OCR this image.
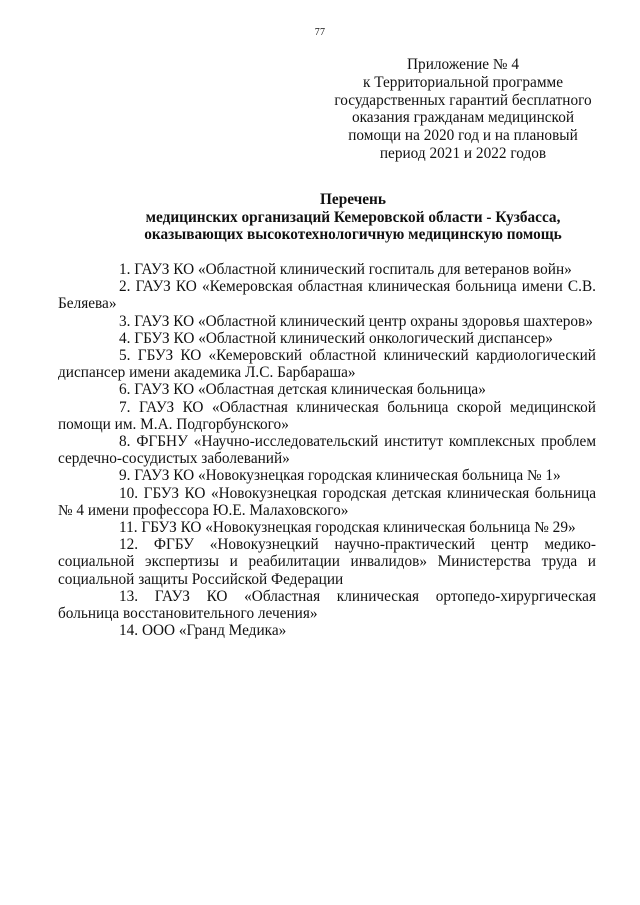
77
Приложение № 4
к Территориальной программе
государственных гарантий бесплатного
оказания гражданам медицинской
помощи на 2020 год и на плановый
период 2021 и 2022 годов
Перечень
медицинских организаций Кемеровской области - Кузбасса,
оказывающих высокотехнологичную медицинскую помощь
1. ГАУЗ КО «Областной клинический госпиталь для ветеранов войн»
2. ГАУЗ КО «Кемеровская областная клиническая больница имени С.В. Беляева»
3. ГАУЗ КО «Областной клинический центр охраны здоровья шахтеров»
4. ГБУЗ КО «Областной клинический онкологический диспансер»
5. ГБУЗ КО «Кемеровский областной клинический кардиологический диспансер имени академика Л.С. Барбараша»
6. ГАУЗ КО «Областная детская клиническая больница»
7. ГАУЗ КО «Областная клиническая больница скорой медицинской помощи им. М.А. Подгорбунского»
8. ФГБНУ «Научно-исследовательский институт комплексных проблем сердечно-сосудистых заболеваний»
9. ГАУЗ КО «Новокузнецкая городская клиническая больница № 1»
10. ГБУЗ КО «Новокузнецкая городская детская клиническая больница № 4 имени профессора Ю.Е. Малаховского»
11. ГБУЗ КО «Новокузнецкая городская клиническая больница № 29»
12. ФГБУ «Новокузнецкий научно-практический центр медико-социальной экспертизы и реабилитации инвалидов» Министерства труда и социальной защиты Российской Федерации
13. ГАУЗ КО «Областная клиническая ортопедо-хирургическая больница восстановительного лечения»
14. ООО «Гранд Медика»
